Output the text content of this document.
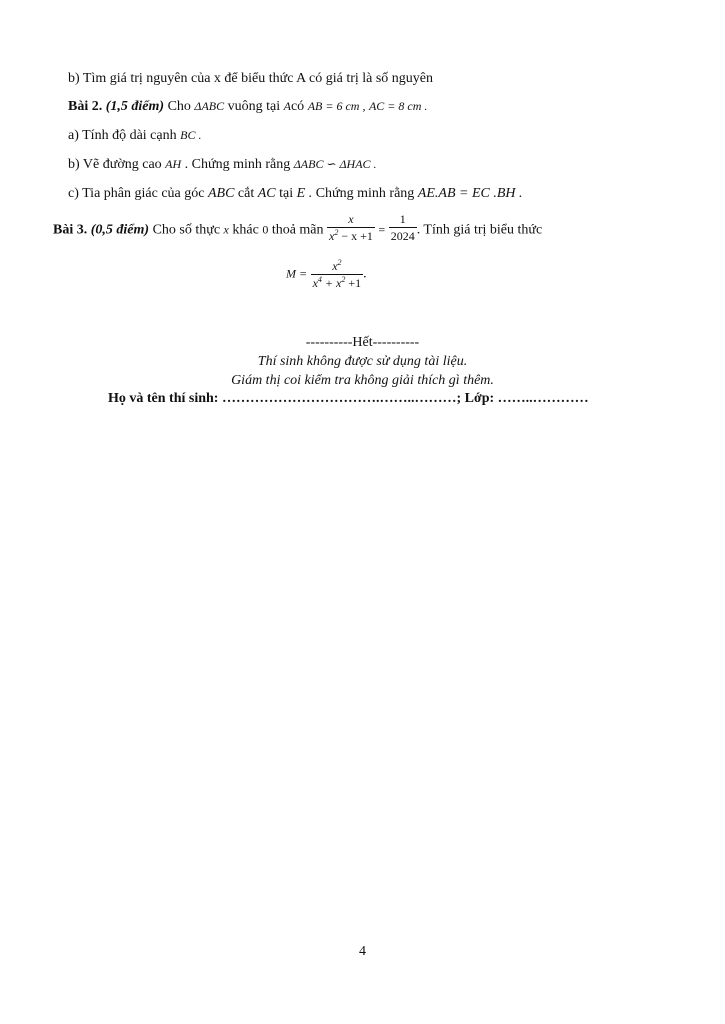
b) Tìm giá trị nguyên của x để biểu thức A có giá trị là số nguyên
Bài 2. (1,5 điểm) Cho ΔABC vuông tại Acó AB = 6 cm , AC = 8 cm .
a) Tính độ dài cạnh BC .
b) Vẽ đường cao AH . Chứng minh rằng ΔABC ∽ ΔHAC .
c) Tia phân giác của góc ABC cắt AC tại E . Chứng minh rằng AE.AB = EC .BH .
Bài 3. (0,5 điểm) Cho số thực x khác 0 thoả mãn $\frac{x}{x^2 - x +1} = \frac{1}{2024}$ . Tính giá trị biểu thức
$M = \frac{x^2}{x^4 + x^2 +1}$ .
----------Hết----------
Thí sinh không được sử dụng tài liệu.
Giám thị coi kiểm tra không giải thích gì thêm.
Họ và tên thí sinh: …………………………….……..………; Lớp: ……..…………
4
